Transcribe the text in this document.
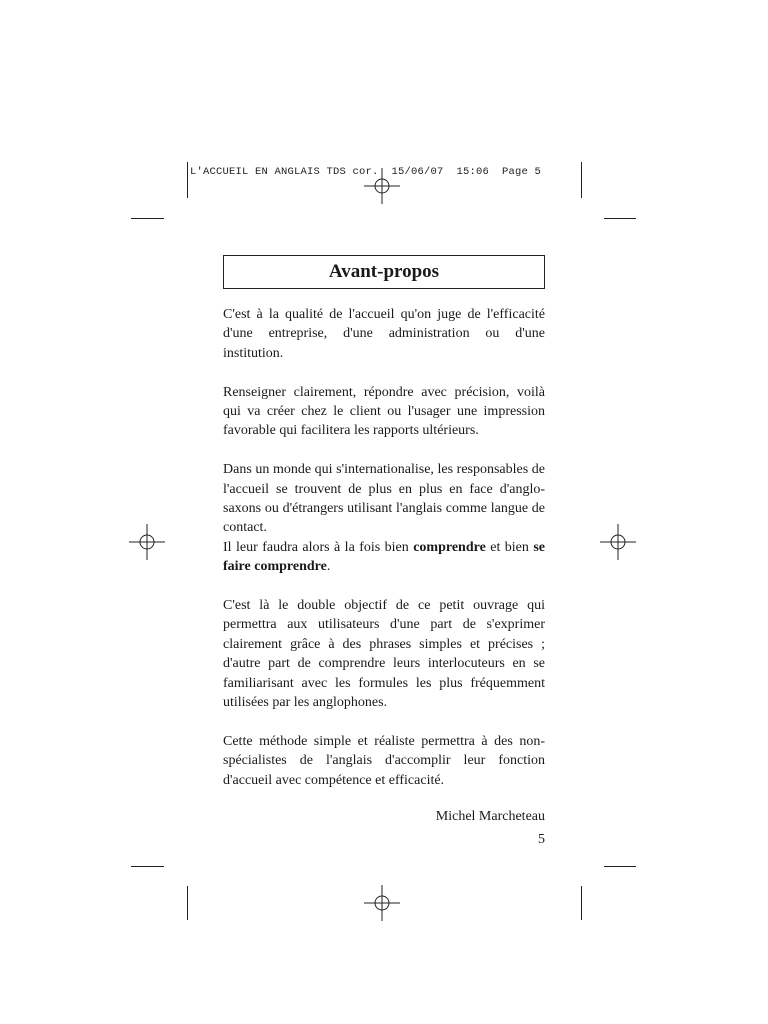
L'ACCUEIL EN ANGLAIS TDS cor.  15/06/07  15:06  Page 5
Avant-propos

C'est à la qualité de l'accueil qu'on juge de l'efficacité d'une entreprise, d'une administration ou d'une institution.

Renseigner clairement, répondre avec précision, voilà qui va créer chez le client ou l'usager une impression favorable qui facilitera les rapports ultérieurs.

Dans un monde qui s'internationalise, les responsables de l'accueil se trouvent de plus en plus en face d'anglo-saxons ou d'étrangers utilisant l'anglais comme langue de contact.

Il leur faudra alors à la fois bien comprendre et bien se faire comprendre.

C'est là le double objectif de ce petit ouvrage qui permettra aux utilisateurs d'une part de s'exprimer clairement grâce à des phrases simples et précises ; d'autre part de comprendre leurs interlocuteurs en se familiarisant avec les formules les plus fréquemment utilisées par les anglophones.

Cette méthode simple et réaliste permettra à des non-spécialistes de l'anglais d'accomplir leur fonction d'accueil avec compétence et efficacité.

Michel Marcheteau
5
